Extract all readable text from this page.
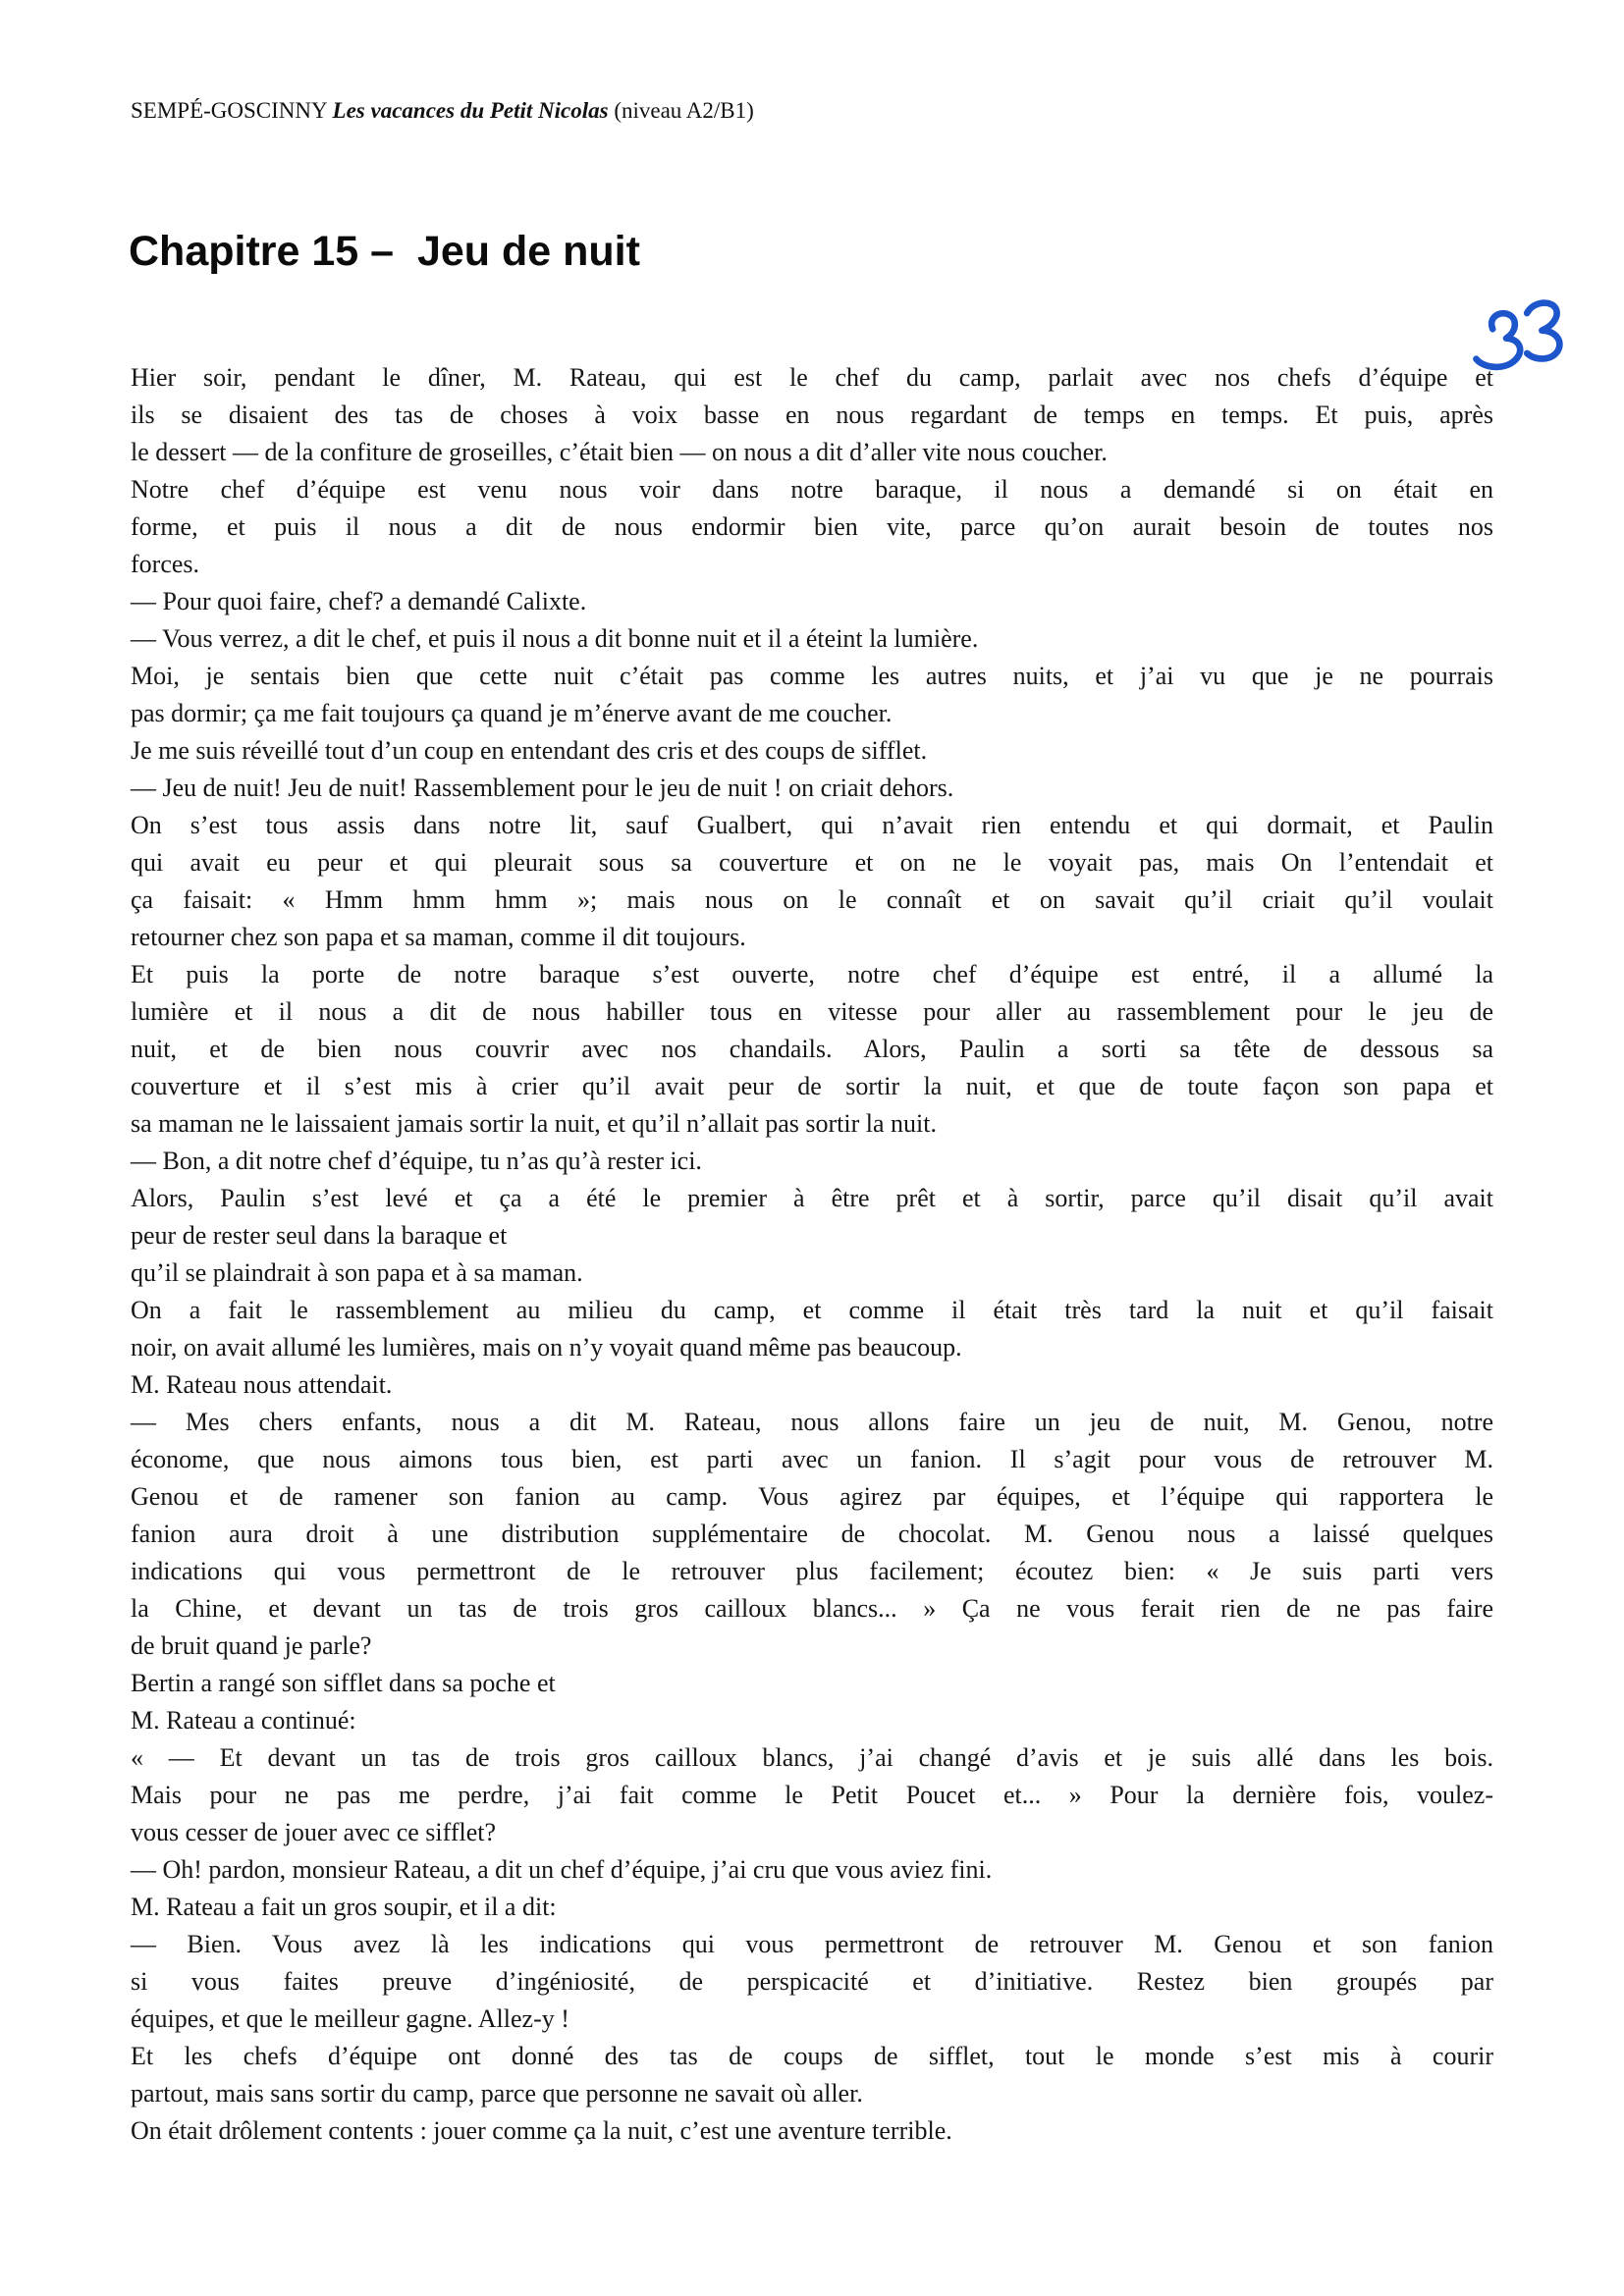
SEMPÉ-GOSCINNY Les vacances du Petit Nicolas (niveau A2/B1)
Chapitre 15 –  Jeu de nuit
Hier soir, pendant le dîner, M. Rateau, qui est le chef du camp, parlait avec nos chefs d’équipe et
ils se disaient des tas de choses à voix basse en nous regardant de temps en temps. Et puis, après
le dessert — de la confiture de groseilles, c’était bien — on nous a dit d’aller vite nous coucher.
Notre chef d’équipe est venu nous voir dans notre baraque, il nous a demandé si on était en
forme, et puis il nous a dit de nous endormir bien vite, parce qu’on aurait besoin de toutes nos
forces.
— Pour quoi faire, chef? a demandé Calixte.
— Vous verrez, a dit le chef, et puis il nous a dit bonne nuit et il a éteint la lumière.
Moi, je sentais bien que cette nuit c’était pas comme les autres nuits, et j’ai vu que je ne pourrais
pas dormir; ça me fait toujours ça quand je m’énerve avant de me coucher.
Je me suis réveillé tout d’un coup en entendant des cris et des coups de sifflet.
— Jeu de nuit! Jeu de nuit! Rassemblement pour le jeu de nuit ! on criait dehors.
On s’est tous assis dans notre lit, sauf Gualbert, qui n’avait rien entendu et qui dormait, et Paulin
qui avait eu peur et qui pleurait sous sa couverture et on ne le voyait pas, mais On l’entendait et
ça faisait: « Hmm hmm hmm »; mais nous on le connaît et on savait qu’il criait qu’il voulait
retourner chez son papa et sa maman, comme il dit toujours.
Et puis la porte de notre baraque s’est ouverte, notre chef d’équipe est entré, il a allumé la
lumière et il nous a dit de nous habiller tous en vitesse pour aller au rassemblement pour le jeu de
nuit, et de bien nous couvrir avec nos chandails. Alors, Paulin a sorti sa tête de dessous sa
couverture et il s’est mis à crier qu’il avait peur de sortir la nuit, et que de toute façon son papa et
sa maman ne le laissaient jamais sortir la nuit, et qu’il n’allait pas sortir la nuit.
— Bon, a dit notre chef d’équipe, tu n’as qu’à rester ici.
Alors, Paulin s’est levé et ça a été le premier à être prêt et à sortir, parce qu’il disait qu’il avait
peur de rester seul dans la baraque et
qu’il se plaindrait à son papa et à sa maman.
On a fait le rassemblement au milieu du camp, et comme il était très tard la nuit et qu’il faisait
noir, on avait allumé les lumières, mais on n’y voyait quand même pas beaucoup.
M. Rateau nous attendait.
— Mes chers enfants, nous a dit M. Rateau, nous allons faire un jeu de nuit, M. Genou, notre
économe, que nous aimons tous bien, est parti avec un fanion. Il s’agit pour vous de retrouver M.
Genou et de ramener son fanion au camp. Vous agirez par équipes, et l’équipe qui rapportera le
fanion aura droit à une distribution supplémentaire de chocolat. M. Genou nous a laissé quelques
indications qui vous permettront de le retrouver plus facilement; écoutez bien: « Je suis parti vers
la Chine, et devant un tas de trois gros cailloux blancs... » Ça ne vous ferait rien de ne pas faire
de bruit quand je parle?
Bertin a rangé son sifflet dans sa poche et
M. Rateau a continué:
« — Et devant un tas de trois gros cailloux blancs, j’ai changé d’avis et je suis allé dans les bois.
Mais pour ne pas me perdre, j’ai fait comme le Petit Poucet et... » Pour la dernière fois, voulez-
vous cesser de jouer avec ce sifflet?
— Oh! pardon, monsieur Rateau, a dit un chef d’équipe, j’ai cru que vous aviez fini.
M. Rateau a fait un gros soupir, et il a dit:
— Bien. Vous avez là les indications qui vous permettront de retrouver M. Genou et son fanion
si vous faites preuve d’ingéniosité, de perspicacité et d’initiative. Restez bien groupés par
équipes, et que le meilleur gagne. Allez-y !
Et les chefs d’équipe ont donné des tas de coups de sifflet, tout le monde s’est mis à courir
partout, mais sans sortir du camp, parce que personne ne savait où aller.
On était drôlement contents : jouer comme ça la nuit, c’est une aventure terrible.
